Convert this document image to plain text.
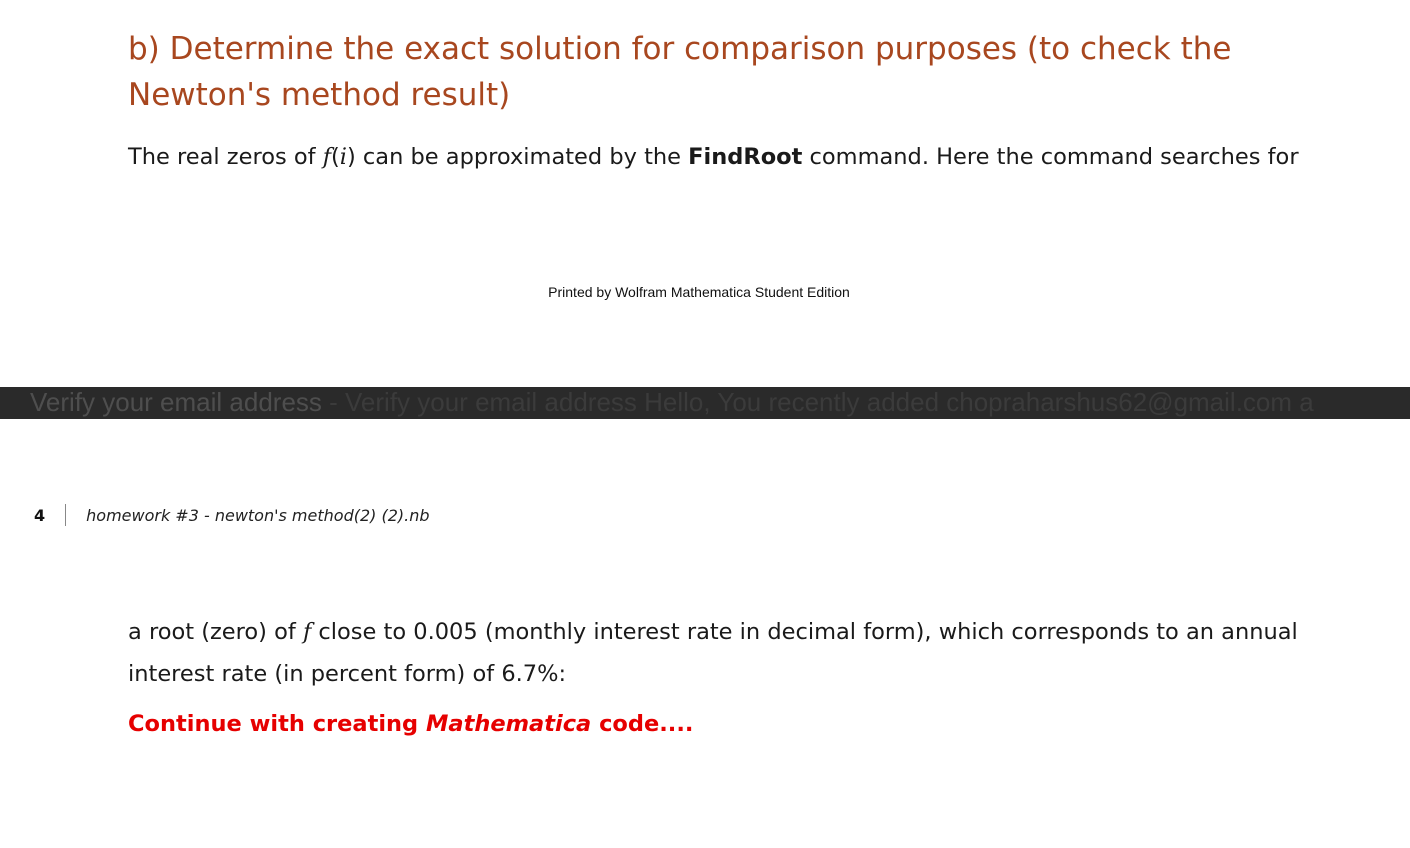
b) Determine the exact solution for comparison purposes (to check the Newton's method result)

The real zeros of f(i) can be approximated by the FindRoot command. Here the command searches for

Printed by Wolfram Mathematica Student Edition
Verify your email address - Verify your email address Hello, You recently added chopraharshus62@gmail.com a
4	homework #3 - newton's method(2) (2).nb

a root (zero) of f close to 0.005 (monthly interest rate in decimal form), which corresponds to an annual
interest rate (in percent form) of 6.7%:

Continue with creating Mathematica code....
